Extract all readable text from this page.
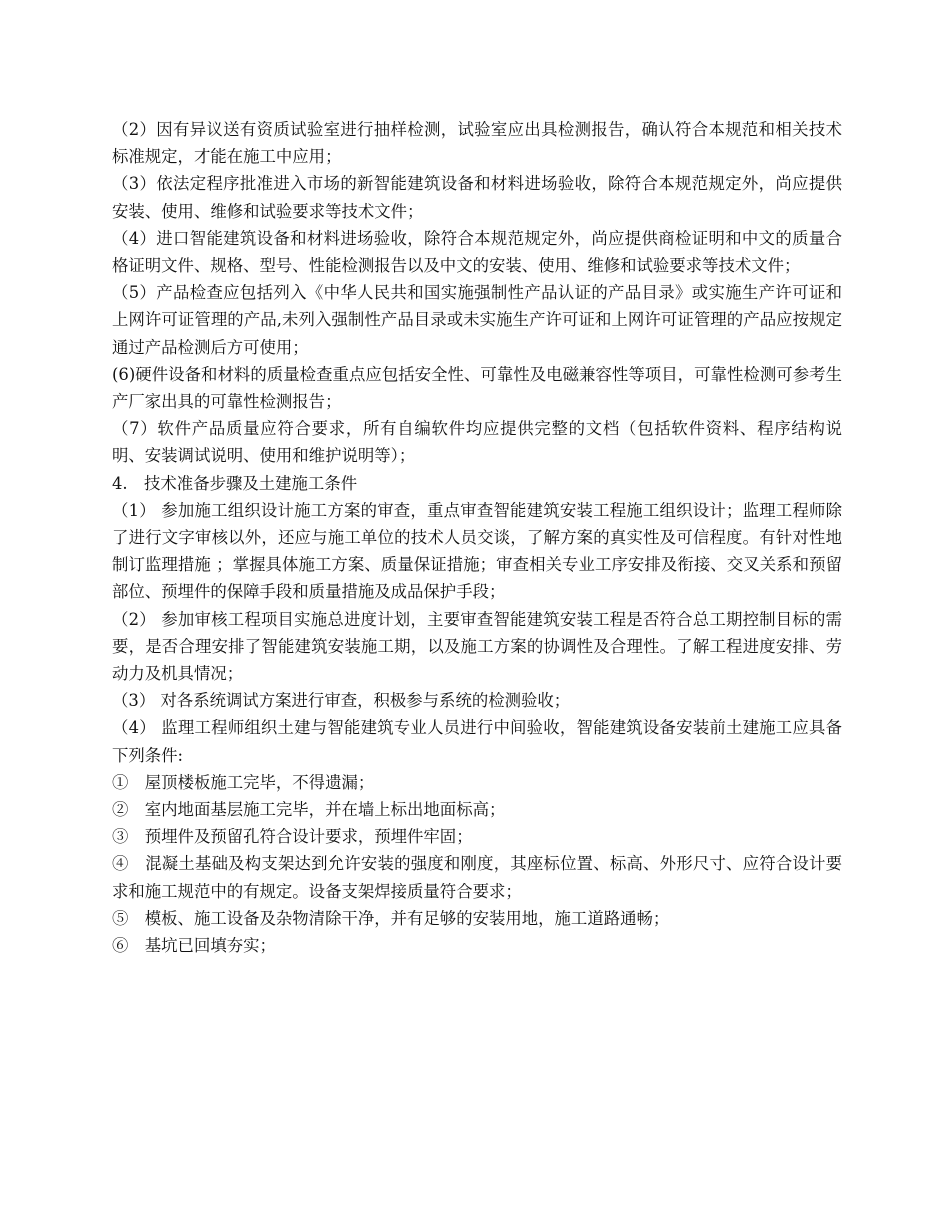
（2）因有异议送有资质试验室进行抽样检测，试验室应出具检测报告，确认符合本规范和相关技术标准规定，才能在施工中应用；

（3）依法定程序批准进入市场的新智能建筑设备和材料进场验收，除符合本规范规定外，尚应提供安装、使用、维修和试验要求等技术文件；

（4）进口智能建筑设备和材料进场验收，除符合本规范规定外，尚应提供商检证明和中文的质量合格证明文件、规格、型号、性能检测报告以及中文的安装、使用、维修和试验要求等技术文件；

（5）产品检查应包括列入《中华人民共和国实施强制性产品认证的产品目录》或实施生产许可证和上网许可证管理的产品,未列入强制性产品目录或未实施生产许可证和上网许可证管理的产品应按规定通过产品检测后方可使用；

(6)硬件设备和材料的质量检查重点应包括安全性、可靠性及电磁兼容性等项目，可靠性检测可参考生产厂家出具的可靠性检测报告；

（7）软件产品质量应符合要求，所有自编软件均应提供完整的文档（包括软件资料、程序结构说明、安装调试说明、使用和维护说明等）；

4.　技术准备步骤及土建施工条件

（1） 参加施工组织设计施工方案的审查，重点审查智能建筑安装工程施工组织设计；监理工程师除了进行文字审核以外，还应与施工单位的技术人员交谈，了解方案的真实性及可信程度。有针对性地制订监理措施 ；掌握具体施工方案、质量保证措施；审查相关专业工序安排及衔接、交叉关系和预留部位、预埋件的保障手段和质量措施及成品保护手段；

（2） 参加审核工程项目实施总进度计划，主要审查智能建筑安装工程是否符合总工期控制目标的需要，是否合理安排了智能建筑安装施工期，以及施工方案的协调性及合理性。了解工程进度安排、劳动力及机具情况；

（3） 对各系统调试方案进行审查，积极参与系统的检测验收；

（4） 监理工程师组织土建与智能建筑专业人员进行中间验收，智能建筑设备安装前土建施工应具备下列条件:

①　屋顶楼板施工完毕，不得遗漏；

②　室内地面基层施工完毕，并在墙上标出地面标高；

③　预埋件及预留孔符合设计要求，预埋件牢固；

④　混凝土基础及构支架达到允许安装的强度和刚度，其座标位置、标高、外形尺寸、应符合设计要求和施工规范中的有规定。设备支架焊接质量符合要求；

⑤　模板、施工设备及杂物清除干净，并有足够的安装用地，施工道路通畅；

⑥　基坑已回填夯实；
